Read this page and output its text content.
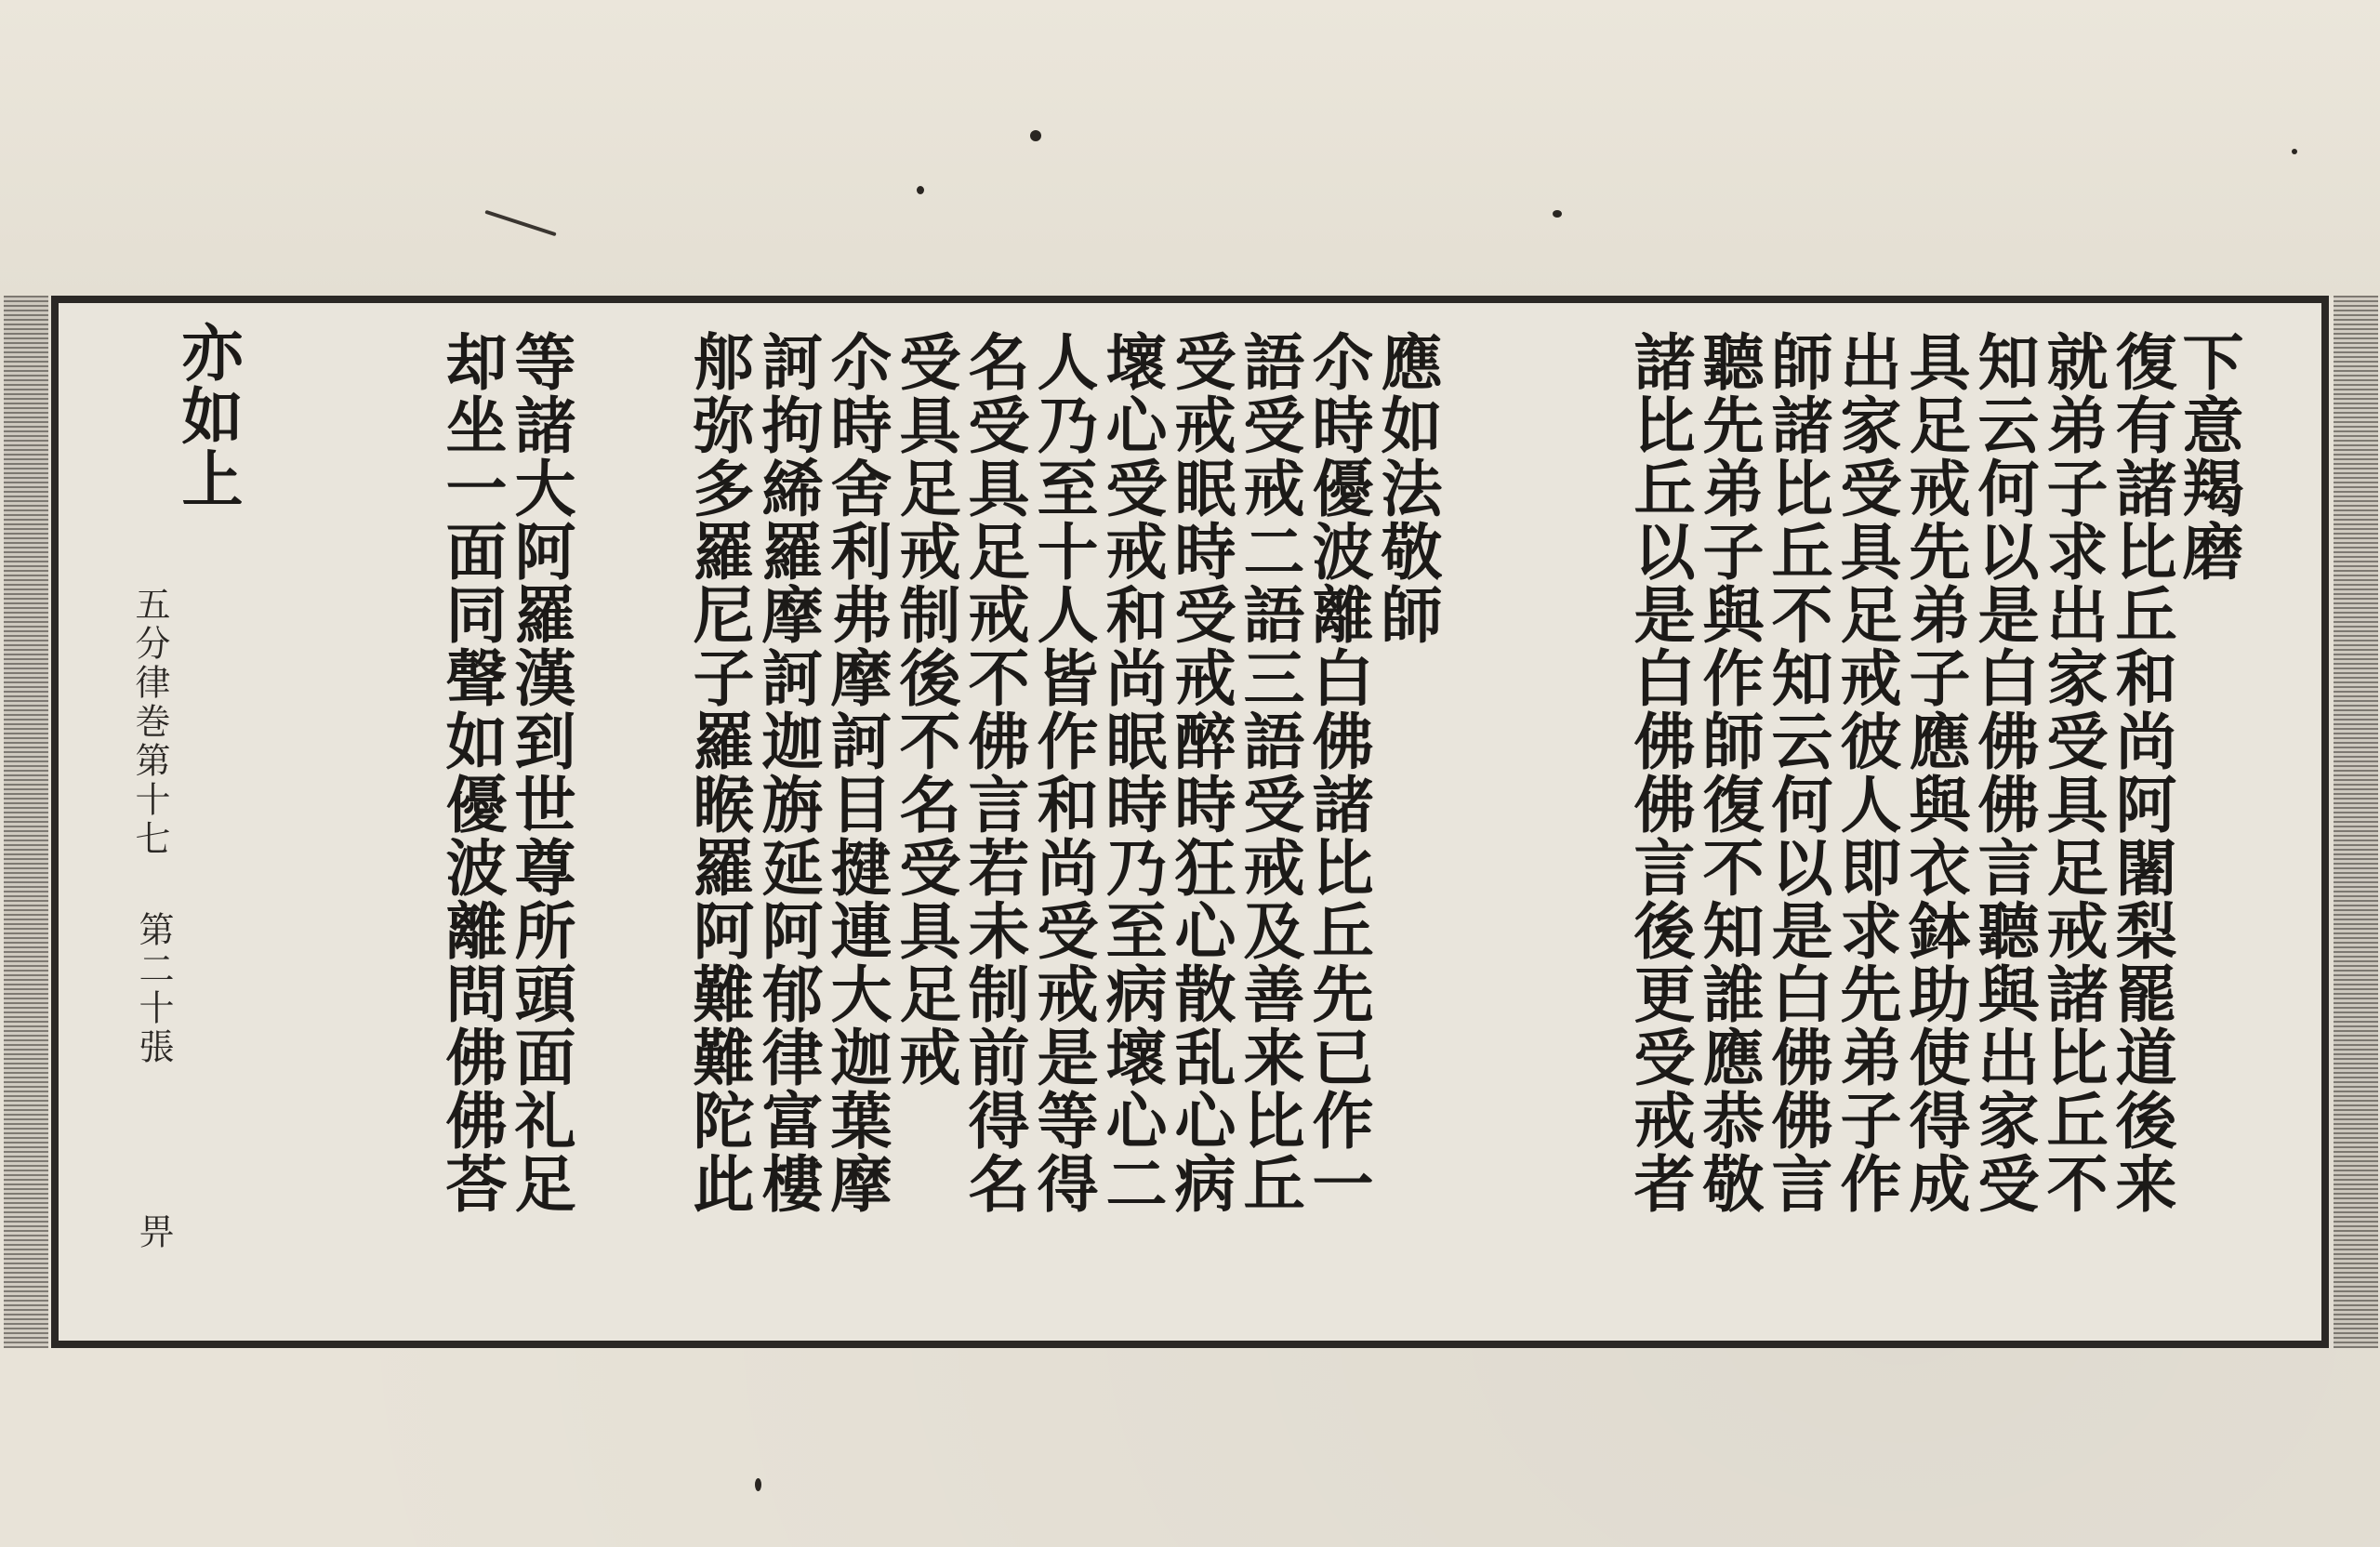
下意羯磨
復有諸比丘和尚阿闍梨罷道後来
就弟子求出家受具足戒諸比丘不
知云何以是白佛佛言聽與出家受
具足戒先弟子應與衣鉢助使得成
出家受具足戒彼人即求先弟子作
師諸比丘不知云何以是白佛佛言
聽先弟子與作師復不知誰應恭敬
諸比丘以是白佛佛言後更受戒者
應如法敬師
尒時優波離白佛諸比丘先已作一
語受戒二語三語受戒及善来比丘
受戒眠時受戒醉時狂心散乱心病
壞心受戒和尚眠時乃至病壞心二
人乃至十人皆作和尚受戒是等得
名受具足戒不佛言若未制前得名
受具足戒制後不名受具足戒
尒時舍利弗摩訶目揵連大迦葉摩
訶拘絺羅摩訶迦旃延阿郁律富樓
郍弥多羅尼子羅睺羅阿難難陀此
等諸大阿羅漢到世尊所頭面礼足
却坐一面同聲如優波離問佛佛荅
亦如上
五分律巻第十七
第二十張
畀
